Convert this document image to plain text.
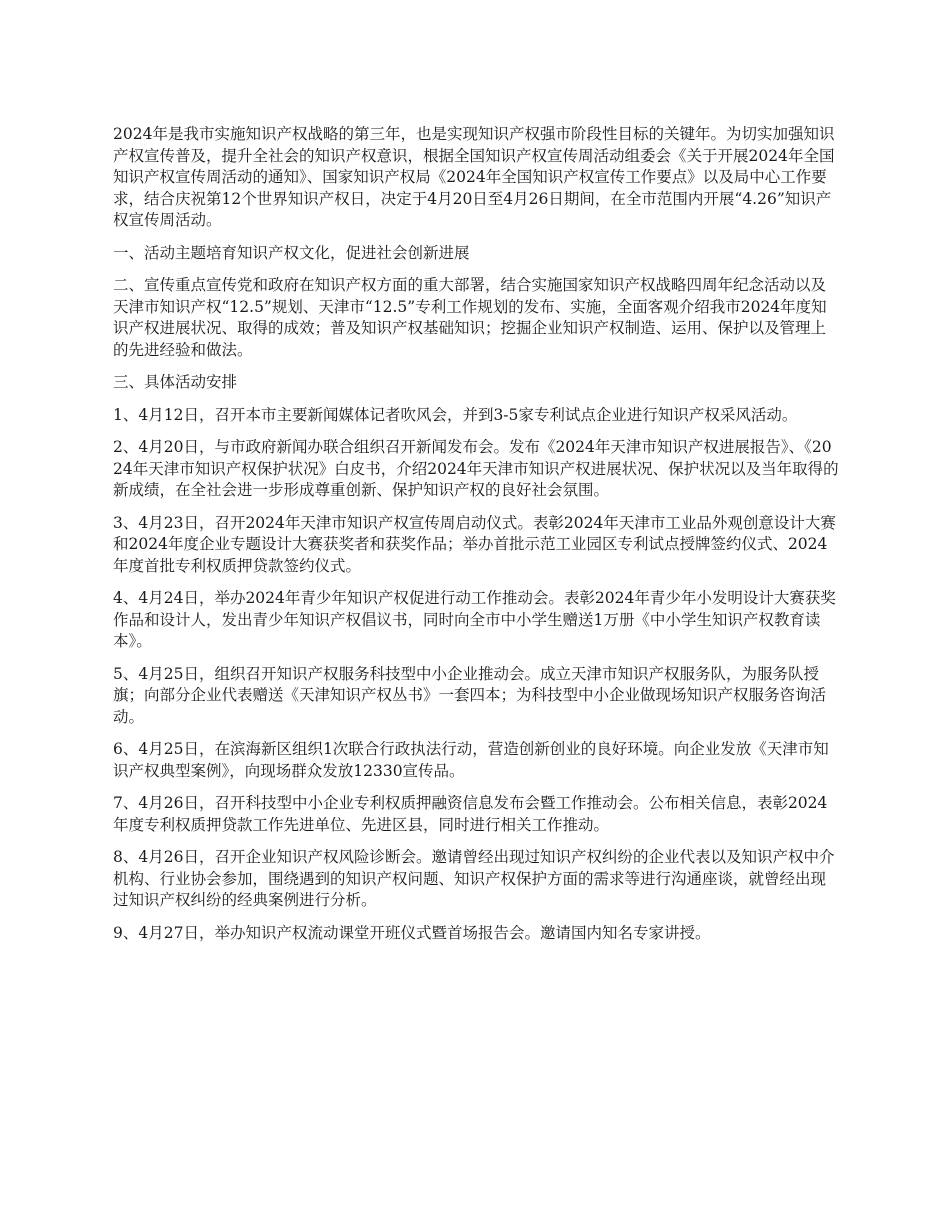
2024年是我市实施知识产权战略的第三年，也是实现知识产权强市阶段性目标的关键年。为切实加强知识产权宣传普及，提升全社会的知识产权意识，根据全国知识产权宣传周活动组委会《关于开展2024年全国知识产权宣传周活动的通知》、国家知识产权局《2024年全国知识产权宣传工作要点》以及局中心工作要求，结合庆祝第12个世界知识产权日，决定于4月20日至4月26日期间，在全市范围内开展“4.26”知识产权宣传周活动。

一、活动主题培育知识产权文化，促进社会创新进展

二、宣传重点宣传党和政府在知识产权方面的重大部署，结合实施国家知识产权战略四周年纪念活动以及天津市知识产权“12.5”规划、天津市“12.5”专利工作规划的发布、实施，全面客观介绍我市2024年度知识产权进展状况、取得的成效；普及知识产权基础知识；挖掘企业知识产权制造、运用、保护以及管理上的先进经验和做法。

三、具体活动安排

1、4月12日，召开本市主要新闻媒体记者吹风会，并到3-5家专利试点企业进行知识产权采风活动。

2、4月20日，与市政府新闻办联合组织召开新闻发布会。发布《2024年天津市知识产权进展报告》、《2024年天津市知识产权保护状况》白皮书，介绍2024年天津市知识产权进展状况、保护状况以及当年取得的新成绩，在全社会进一步形成尊重创新、保护知识产权的良好社会氛围。

3、4月23日，召开2024年天津市知识产权宣传周启动仪式。表彰2024年天津市工业品外观创意设计大赛和2024年度企业专题设计大赛获奖者和获奖作品；举办首批示范工业园区专利试点授牌签约仪式、2024年度首批专利权质押贷款签约仪式。

4、4月24日，举办2024年青少年知识产权促进行动工作推动会。表彰2024年青少年小发明设计大赛获奖作品和设计人，发出青少年知识产权倡议书，同时向全市中小学生赠送1万册《中小学生知识产权教育读本》。

5、4月25日，组织召开知识产权服务科技型中小企业推动会。成立天津市知识产权服务队，为服务队授旗；向部分企业代表赠送《天津知识产权丛书》一套四本；为科技型中小企业做现场知识产权服务咨询活动。

6、4月25日，在滨海新区组织1次联合行政执法行动，营造创新创业的良好环境。向企业发放《天津市知识产权典型案例》，向现场群众发放12330宣传品。

7、4月26日，召开科技型中小企业专利权质押融资信息发布会暨工作推动会。公布相关信息，表彰2024年度专利权质押贷款工作先进单位、先进区县，同时进行相关工作推动。

8、4月26日，召开企业知识产权风险诊断会。邀请曾经出现过知识产权纠纷的企业代表以及知识产权中介机构、行业协会参加，围绕遇到的知识产权问题、知识产权保护方面的需求等进行沟通座谈，就曾经出现过知识产权纠纷的经典案例进行分析。

9、4月27日，举办知识产权流动课堂开班仪式暨首场报告会。邀请国内知名专家讲授。
